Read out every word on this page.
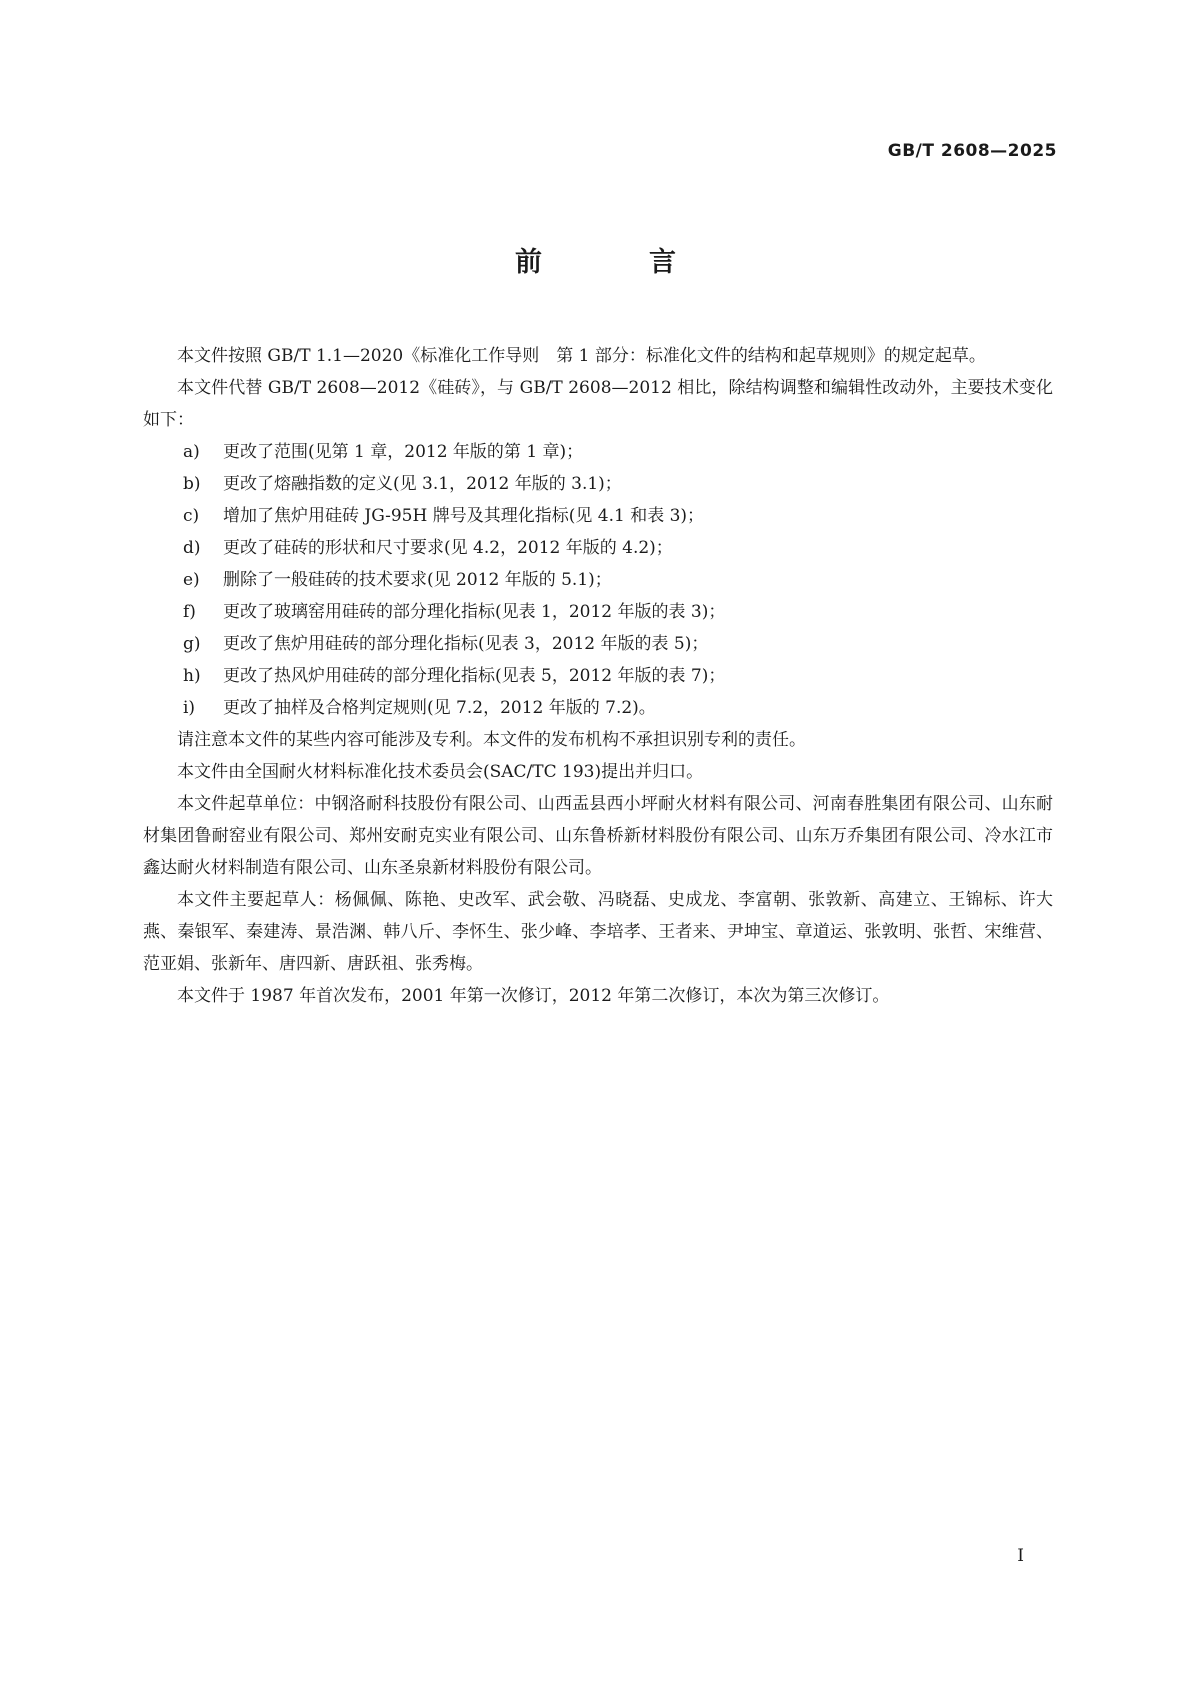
GB/T 2608—2025
前　言

本文件按照 GB/T 1.1—2020《标准化工作导则　第 1 部分：标准化文件的结构和起草规则》的规定起草。

本文件代替 GB/T 2608—2012《硅砖》，与 GB/T 2608—2012 相比，除结构调整和编辑性改动外，主要技术变化如下：

a) 更改了范围(见第 1 章，2012 年版的第 1 章)；

b) 更改了熔融指数的定义(见 3.1，2012 年版的 3.1)；

c) 增加了焦炉用硅砖 JG-95H 牌号及其理化指标(见 4.1 和表 3)；

d) 更改了硅砖的形状和尺寸要求(见 4.2，2012 年版的 4.2)；

e) 删除了一般硅砖的技术要求(见 2012 年版的 5.1)；

f) 更改了玻璃窑用硅砖的部分理化指标(见表 1，2012 年版的表 3)；

g) 更改了焦炉用硅砖的部分理化指标(见表 3，2012 年版的表 5)；

h) 更改了热风炉用硅砖的部分理化指标(见表 5，2012 年版的表 7)；

i) 更改了抽样及合格判定规则(见 7.2，2012 年版的 7.2)。

请注意本文件的某些内容可能涉及专利。本文件的发布机构不承担识别专利的责任。

本文件由全国耐火材料标准化技术委员会(SAC/TC 193)提出并归口。

本文件起草单位：中钢洛耐科技股份有限公司、山西盂县西小坪耐火材料有限公司、河南春胜集团有限公司、山东耐材集团鲁耐窑业有限公司、郑州安耐克实业有限公司、山东鲁桥新材料股份有限公司、山东万乔集团有限公司、冷水江市鑫达耐火材料制造有限公司、山东圣泉新材料股份有限公司。

本文件主要起草人：杨佩佩、陈艳、史改军、武会敬、冯晓磊、史成龙、李富朝、张敦新、高建立、王锦标、许大燕、秦银军、秦建涛、景浩渊、韩八斤、李怀生、张少峰、李培孝、王者来、尹坤宝、章道运、张敦明、张哲、宋维营、范亚娟、张新年、唐四新、唐跃祖、张秀梅。

本文件于 1987 年首次发布，2001 年第一次修订，2012 年第二次修订，本次为第三次修订。

I
